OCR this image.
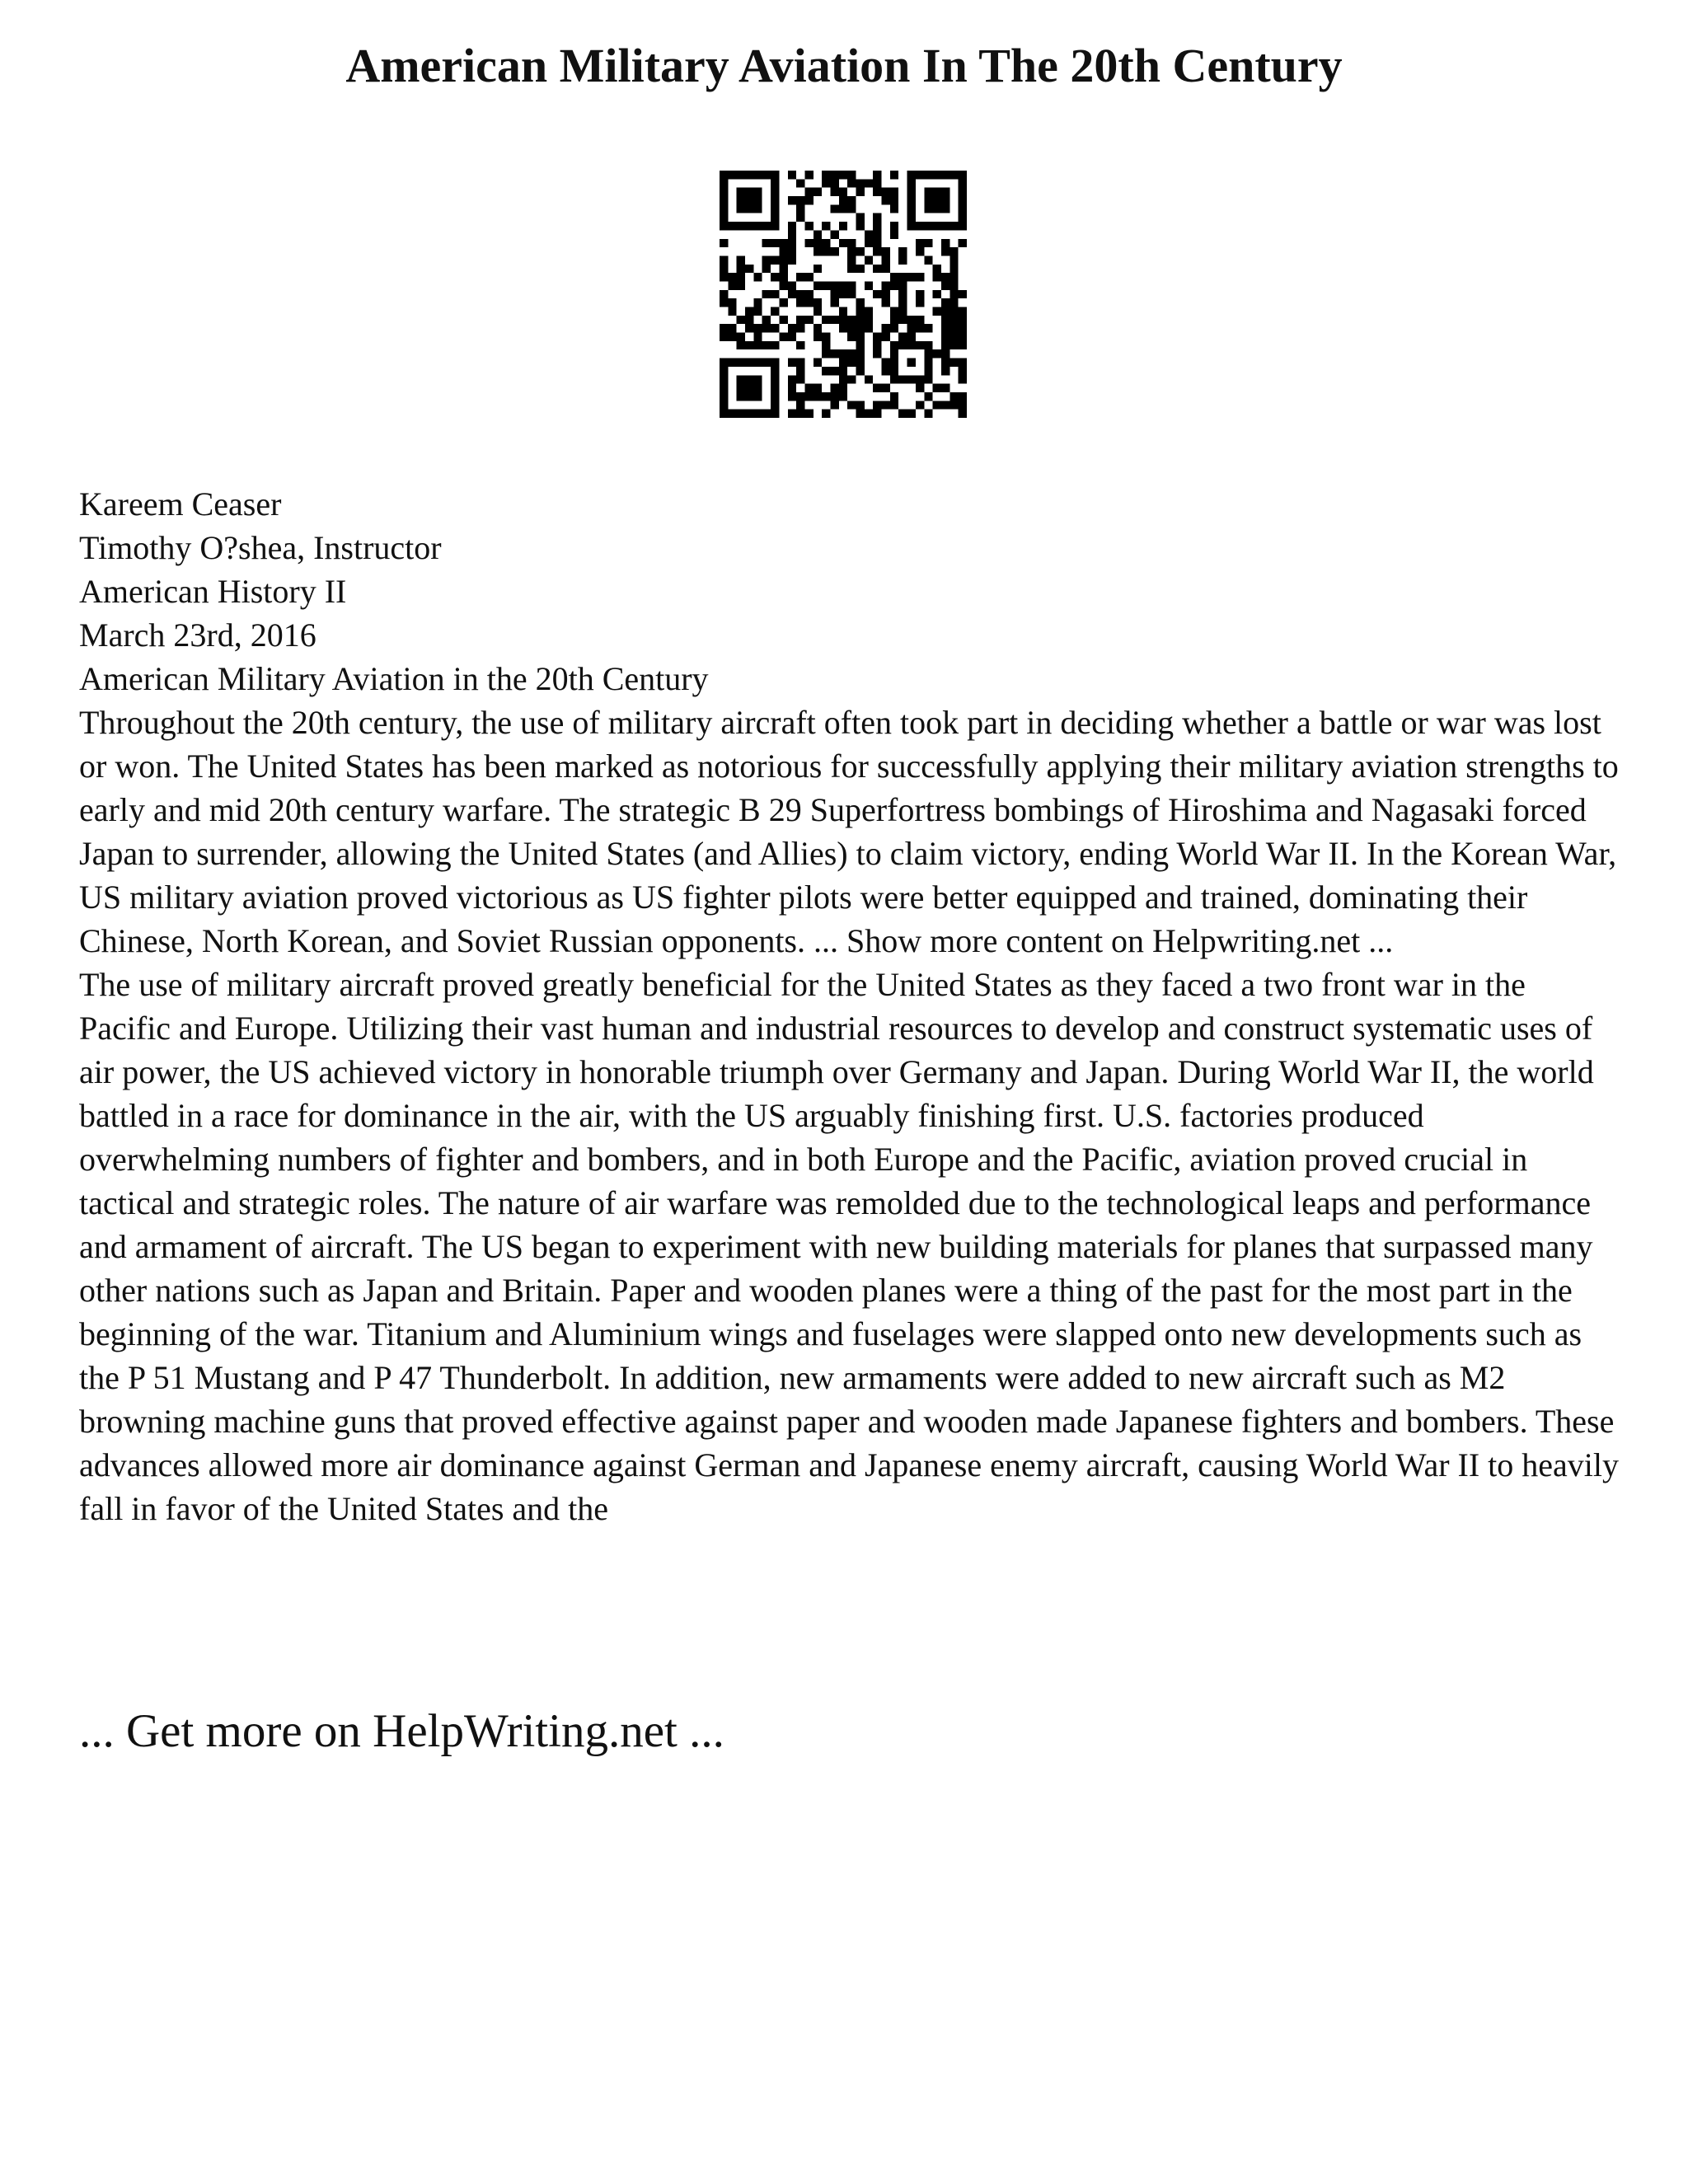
American Military Aviation In The 20th Century
Kareem Ceaser
Timothy O?shea, Instructor
American History II
March 23rd, 2016
American Military Aviation in the 20th Century

Throughout the 20th century, the use of military aircraft often took part in deciding whether a battle or war was lost or won. The United States has been marked as notorious for successfully applying their military aviation strengths to early and mid 20th century warfare. The strategic B 29 Superfortress bombings of Hiroshima and Nagasaki forced Japan to surrender, allowing the United States (and Allies) to claim victory, ending World War II. In the Korean War, US military aviation proved victorious as US fighter pilots were better equipped and trained, dominating their Chinese, North Korean, and Soviet Russian opponents. ... Show more content on Helpwriting.net ...

The use of military aircraft proved greatly beneficial for the United States as they faced a two front war in the Pacific and Europe. Utilizing their vast human and industrial resources to develop and construct systematic uses of air power, the US achieved victory in honorable triumph over Germany and Japan. During World War II, the world battled in a race for dominance in the air, with the US arguably finishing first. U.S. factories produced overwhelming numbers of fighter and bombers, and in both Europe and the Pacific, aviation proved crucial in tactical and strategic roles. The nature of air warfare was remolded due to the technological leaps and performance and armament of aircraft. The US began to experiment with new building materials for planes that surpassed many other nations such as Japan and Britain. Paper and wooden planes were a thing of the past for the most part in the beginning of the war. Titanium and Aluminium wings and fuselages were slapped onto new developments such as the P 51 Mustang and P 47 Thunderbolt. In addition, new armaments were added to new aircraft such as M2 browning machine guns that proved effective against paper and wooden made Japanese fighters and bombers. These advances allowed more air dominance against German and Japanese enemy aircraft, causing World War II to heavily fall in favor of the United States and the

... Get more on HelpWriting.net ...
